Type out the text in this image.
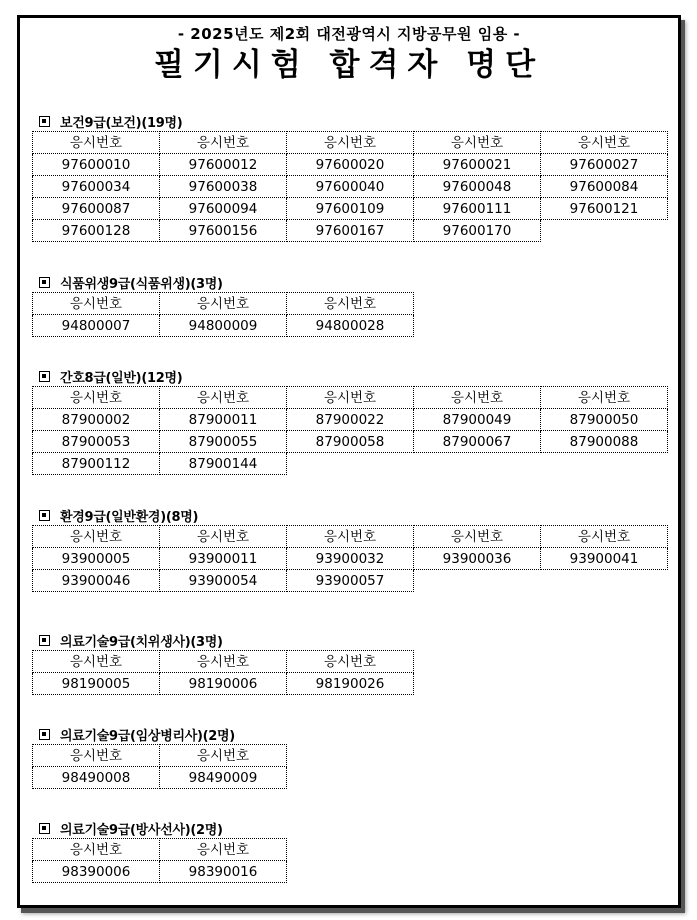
- 2025년도 제2회 대전광역시 지방공무원 임용 -
필기시험 합격자 명단
보건9급(보건)(19명)
응시번호	응시번호	응시번호	응시번호	응시번호
97600010	97600012	97600020	97600021	97600027
97600034	97600038	97600040	97600048	97600084
97600087	97600094	97600109	97600111	97600121
97600128	97600156	97600167	97600170	
식품위생9급(식품위생)(3명)
응시번호	응시번호	응시번호
94800007	94800009	94800028
간호8급(일반)(12명)
응시번호	응시번호	응시번호	응시번호	응시번호
87900002	87900011	87900022	87900049	87900050
87900053	87900055	87900058	87900067	87900088
87900112	87900144			
환경9급(일반환경)(8명)
응시번호	응시번호	응시번호	응시번호	응시번호
93900005	93900011	93900032	93900036	93900041
93900046	93900054	93900057		
의료기술9급(치위생사)(3명)
응시번호	응시번호	응시번호
98190005	98190006	98190026
의료기술9급(임상병리사)(2명)
응시번호	응시번호
98490008	98490009
의료기술9급(방사선사)(2명)
응시번호	응시번호
98390006	98390016
